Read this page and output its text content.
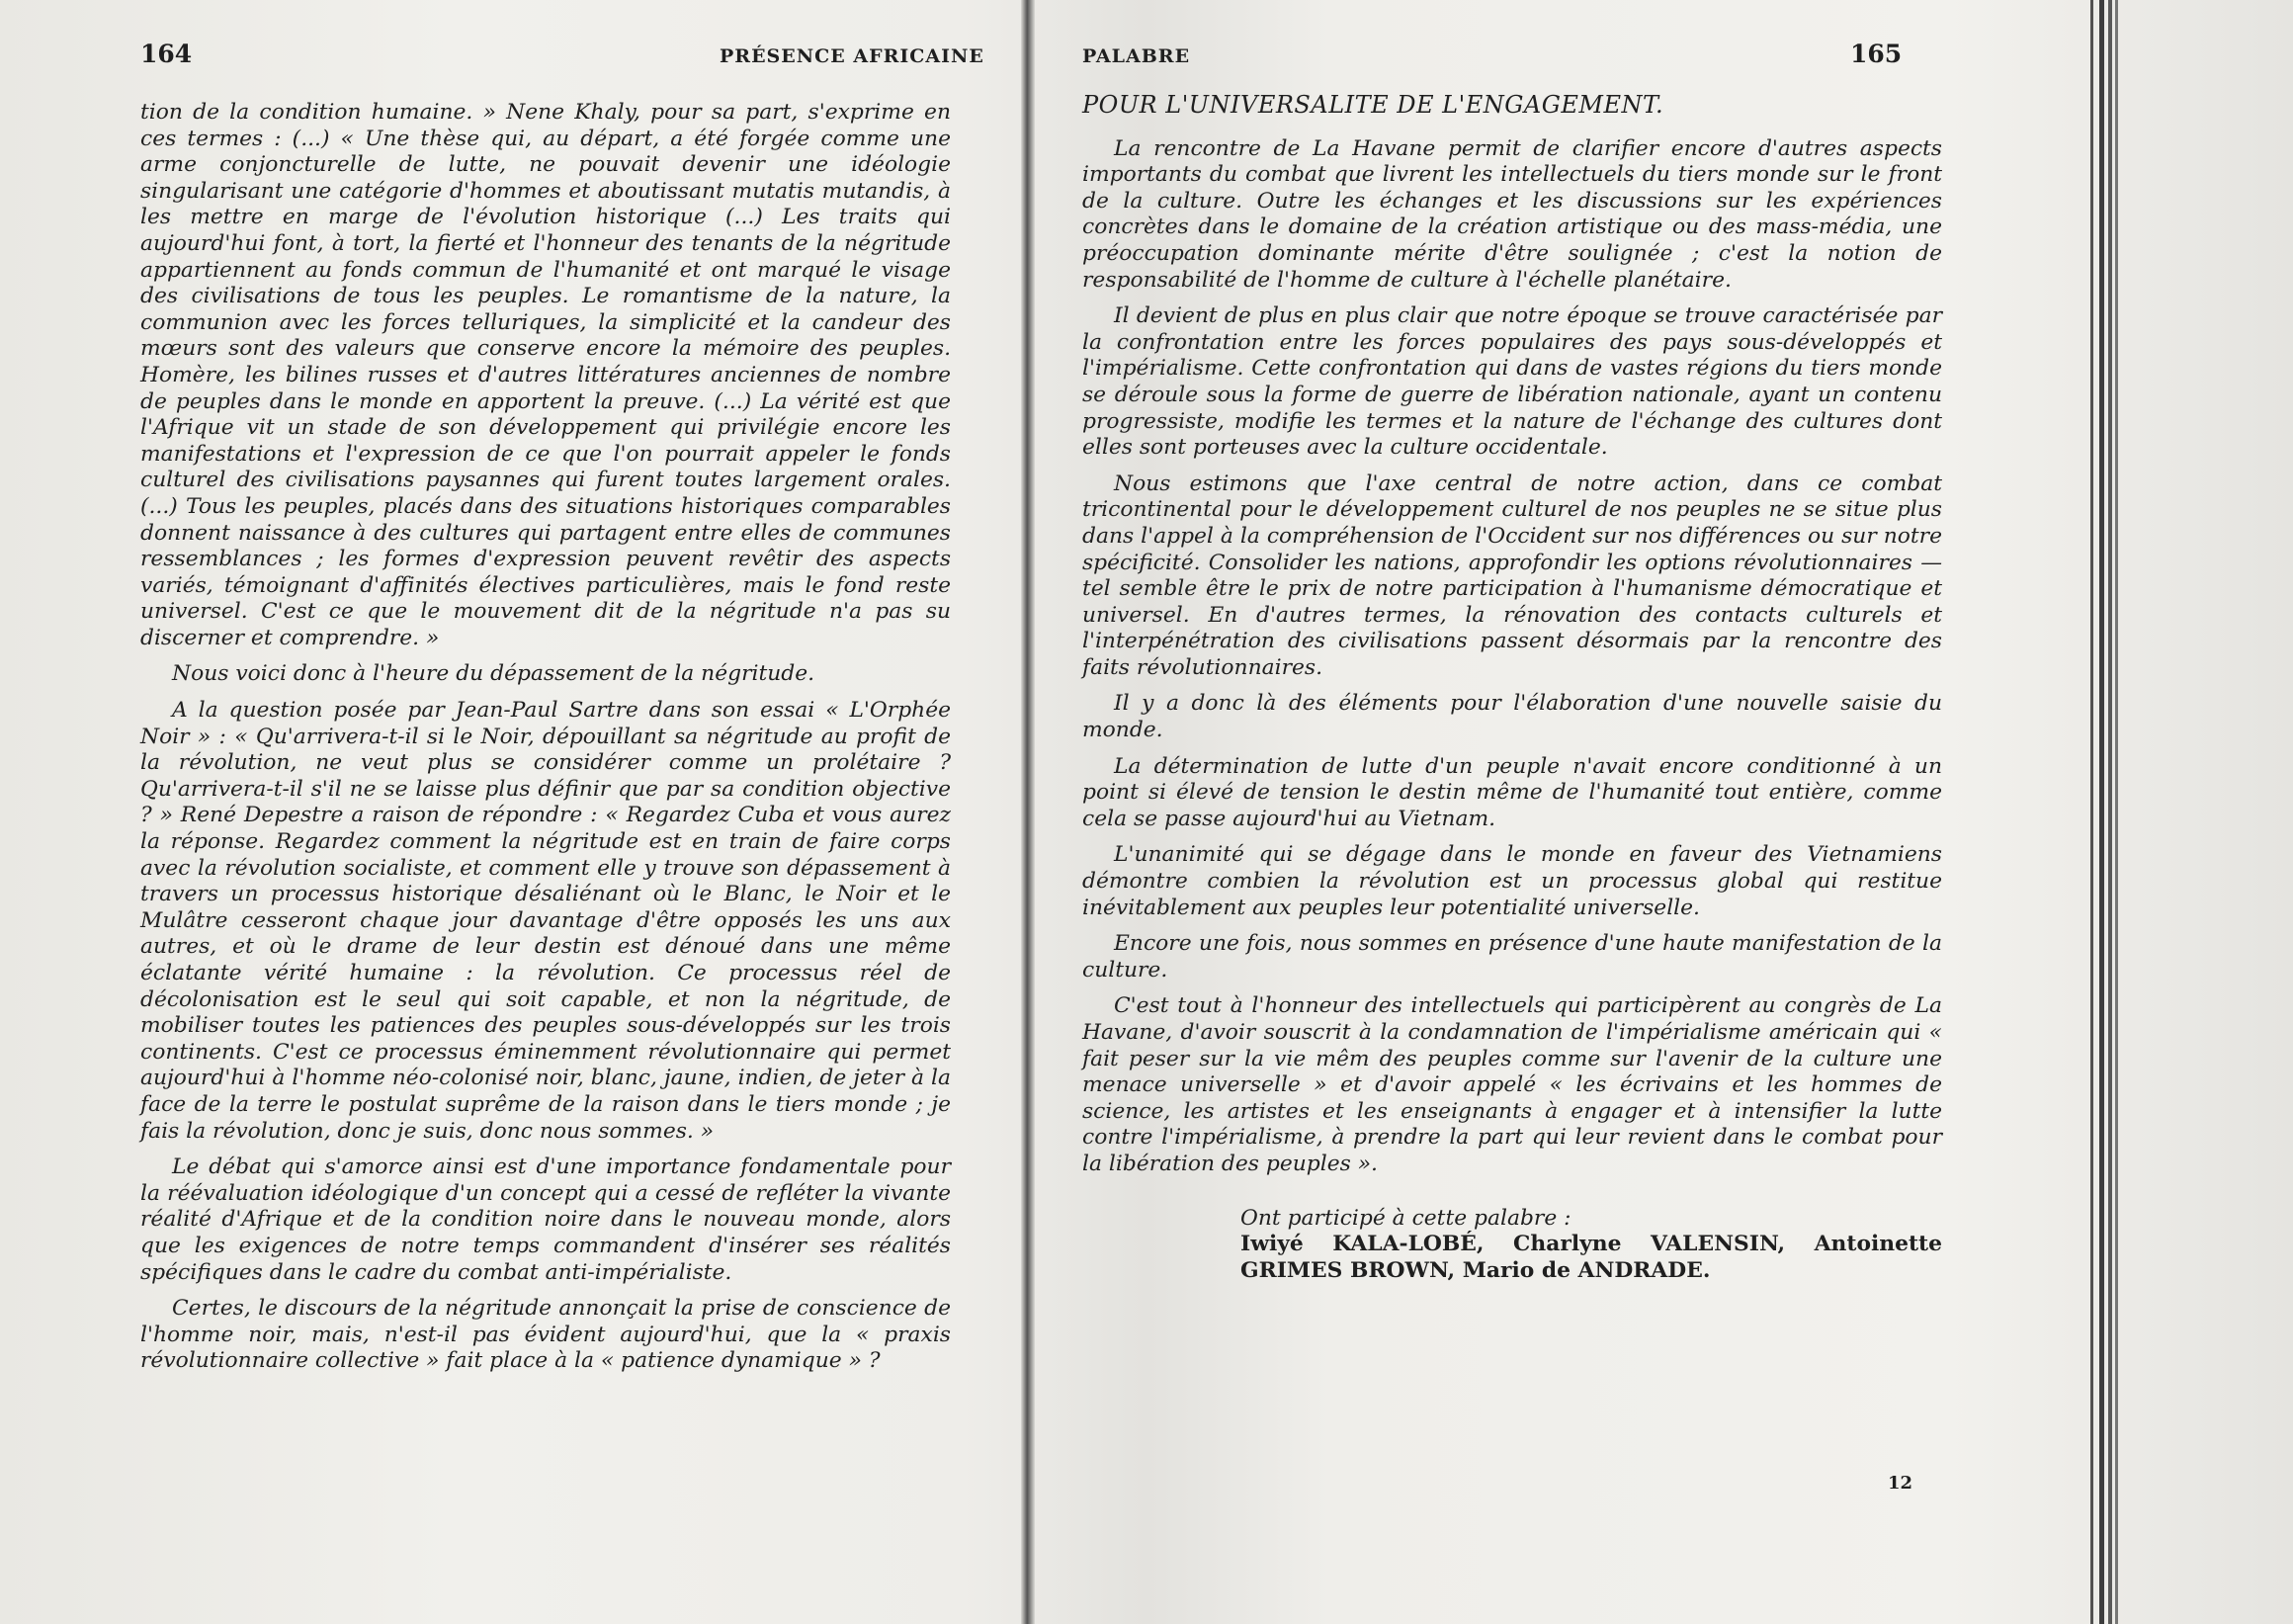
164	PRÉSENCE AFRICAINE

tion de la condition humaine. » Nene Khaly, pour sa part, s'exprime en ces termes : (...) « Une thèse qui, au départ, a été forgée comme une arme conjoncturelle de lutte, ne pouvait devenir une idéologie singularisant une catégorie d'hommes et aboutissant mutatis mutandis, à les mettre en marge de l'évolution historique (...) Les traits qui aujourd'hui font, à tort, la fierté et l'honneur des tenants de la négritude appartiennent au fonds commun de l'humanité et ont marqué le visage des civilisations de tous les peuples. Le romantisme de la nature, la communion avec les forces telluriques, la simplicité et la candeur des mœurs sont des valeurs que conserve encore la mémoire des peuples. Homère, les bilines russes et d'autres littératures anciennes de nombre de peuples dans le monde en apportent la preuve. (...) La vérité est que l'Afrique vit un stade de son développement qui privilégie encore les manifestations et l'expression de ce que l'on pourrait appeler le fonds culturel des civilisations paysannes qui furent toutes largement orales. (...) Tous les peuples, placés dans des situations historiques comparables donnent naissance à des cultures qui partagent entre elles de communes ressemblances ; les formes d'expression peuvent revêtir des aspects variés, témoignant d'affinités électives particulières, mais le fond reste universel. C'est ce que le mouvement dit de la négritude n'a pas su discerner et comprendre. »

Nous voici donc à l'heure du dépassement de la négritude.

A la question posée par Jean-Paul Sartre dans son essai « L'Orphée Noir » : « Qu'arrivera-t-il si le Noir, dépouillant sa négritude au profit de la révolution, ne veut plus se considérer comme un prolétaire ? Qu'arrivera-t-il s'il ne se laisse plus définir que par sa condition objective ? » René Depestre a raison de répondre : « Regardez Cuba et vous aurez la réponse. Regardez comment la négritude est en train de faire corps avec la révolution socialiste, et comment elle y trouve son dépassement à travers un processus historique désaliénant où le Blanc, le Noir et le Mulâtre cesseront chaque jour davantage d'être opposés les uns aux autres, et où le drame de leur destin est dénoué dans une même éclatante vérité humaine : la révolution. Ce processus réel de décolonisation est le seul qui soit capable, et non la négritude, de mobiliser toutes les patiences des peuples sous-développés sur les trois continents. C'est ce processus éminemment révolutionnaire qui permet aujourd'hui à l'homme néo-colonisé noir, blanc, jaune, indien, de jeter à la face de la terre le postulat suprême de la raison dans le tiers monde ; je fais la révolution, donc je suis, donc nous sommes. »

Le débat qui s'amorce ainsi est d'une importance fondamentale pour la réévaluation idéologique d'un concept qui a cessé de refléter la vivante réalité d'Afrique et de la condition noire dans le nouveau monde, alors que les exigences de notre temps commandent d'insérer ses réalités spécifiques dans le cadre du combat anti-impérialiste.

Certes, le discours de la négritude annonçait la prise de conscience de l'homme noir, mais, n'est-il pas évident aujourd'hui, que la « praxis révolutionnaire collective » fait place à la « patience dynamique » ?

PALABRE	165
POUR L'UNIVERSALITE DE L'ENGAGEMENT.

La rencontre de La Havane permit de clarifier encore d'autres aspects importants du combat que livrent les intellectuels du tiers monde sur le front de la culture. Outre les échanges et les discussions sur les expériences concrètes dans le domaine de la création artistique ou des mass-média, une préoccupation dominante mérite d'être soulignée ; c'est la notion de responsabilité de l'homme de culture à l'échelle planétaire.

Il devient de plus en plus clair que notre époque se trouve caractérisée par la confrontation entre les forces populaires des pays sous-développés et l'impérialisme. Cette confrontation qui dans de vastes régions du tiers monde se déroule sous la forme de guerre de libération nationale, ayant un contenu progressiste, modifie les termes et la nature de l'échange des cultures dont elles sont porteuses avec la culture occidentale.

Nous estimons que l'axe central de notre action, dans ce combat tricontinental pour le développement culturel de nos peuples ne se situe plus dans l'appel à la compréhension de l'Occident sur nos différences ou sur notre spécificité. Consolider les nations, approfondir les options révolutionnaires — tel semble être le prix de notre participation à l'humanisme démocratique et universel. En d'autres termes, la rénovation des contacts culturels et l'interpénétration des civilisations passent désormais par la rencontre des faits révolutionnaires.

Il y a donc là des éléments pour l'élaboration d'une nouvelle saisie du monde.

La détermination de lutte d'un peuple n'avait encore conditionné à un point si élevé de tension le destin même de l'humanité tout entière, comme cela se passe aujourd'hui au Vietnam.

L'unanimité qui se dégage dans le monde en faveur des Vietnamiens démontre combien la révolution est un processus global qui restitue inévitablement aux peuples leur potentialité universelle.

Encore une fois, nous sommes en présence d'une haute manifestation de la culture.

C'est tout à l'honneur des intellectuels qui participèrent au congrès de La Havane, d'avoir souscrit à la condamnation de l'impérialisme américain qui « fait peser sur la vie mêm des peuples comme sur l'avenir de la culture une menace universelle » et d'avoir appelé « les écrivains et les hommes de science, les artistes et les enseignants à engager et à intensifier la lutte contre l'impérialisme, à prendre la part qui leur revient dans le combat pour la libération des peuples ».

Ont participé à cette palabre :
Iwiyé KALA-LOBÉ, Charlyne VALENSIN, Antoinette GRIMES BROWN, Mario de ANDRADE.
12
